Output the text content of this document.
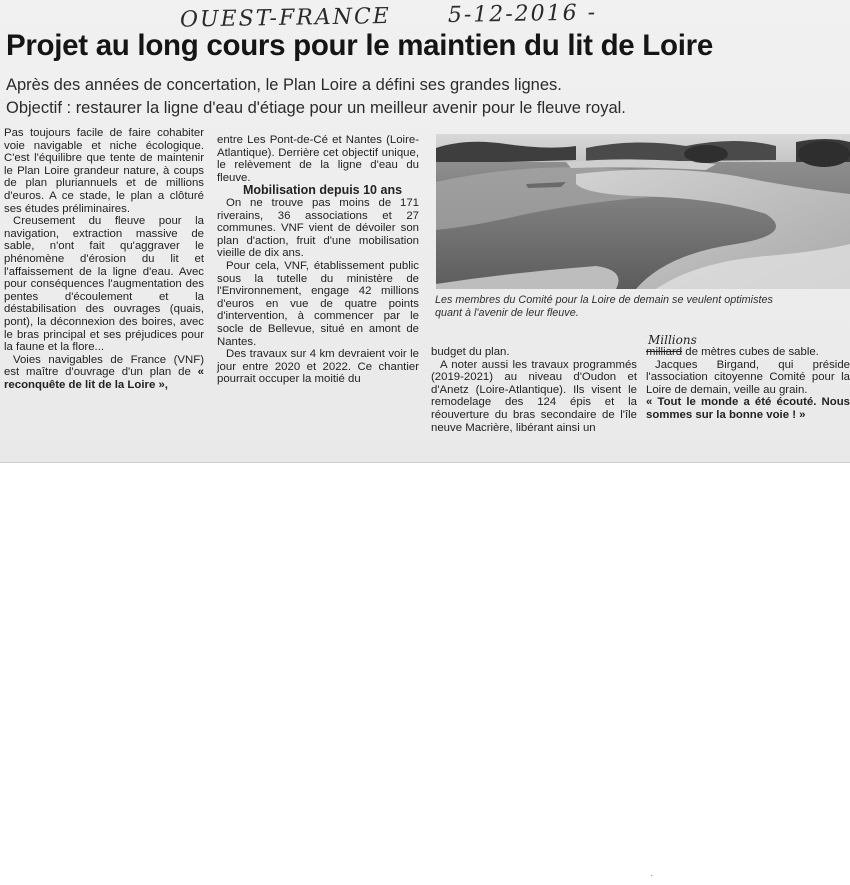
OUEST-FRANCE	5-12-2016 -
Projet au long cours pour le maintien du lit de Loire
Après des années de concertation, le Plan Loire a défini ses grandes lignes.
Objectif : restaurer la ligne d'eau d'étiage pour un meilleur avenir pour le fleuve royal.

Pas toujours facile de faire cohabiter voie navigable et niche écologique. C'est l'équilibre que tente de maintenir le Plan Loire grandeur nature, à coups de plan pluriannuels et de millions d'euros. A ce stade, le plan a clôturé ses études préliminaires.

Creusement du fleuve pour la navigation, extraction massive de sable, n'ont fait qu'aggraver le phénomène d'érosion du lit et l'affaissement de la ligne d'eau. Avec pour conséquences l'augmentation des pentes d'écoulement et la déstabilisation des ouvrages (quais, pont), la déconnexion des boires, avec le bras principal et ses préjudices pour la faune et la flore...

Voies navigables de France (VNF) est maître d'ouvrage d'un plan de « reconquête de lit de la Loire »,

entre Les Pont-de-Cé et Nantes (Loire-Atlantique). Derrière cet objectif unique, le relèvement de la ligne d'eau du fleuve.

Mobilisation depuis 10 ans

On ne trouve pas moins de 171 riverains, 36 associations et 27 communes. VNF vient de dévoiler son plan d'action, fruit d'une mobilisation vieille de dix ans.

Pour cela, VNF, établissement public sous la tutelle du ministère de l'Environnement, engage 42 millions d'euros en vue de quatre points d'intervention, à commencer par le socle de Bellevue, situé en amont de Nantes.

Des travaux sur 4 km devraient voir le jour entre 2020 et 2022. Ce chantier pourrait occuper la moitié du

Les membres du Comité pour la Loire de demain se veulent optimistes
quant à l'avenir de leur fleuve.

budget du plan.

A noter aussi les travaux programmés (2019-2021) au niveau d'Oudon et d'Anetz (Loire-Atlantique). Ils visent le remodelage des 124 épis et la réouverture du bras secondaire de l'île neuve Macrière, libérant ainsi un

Millions

milliard de mètres cubes de sable.

Jacques Birgand, qui préside l'association citoyenne Comité pour la Loire de demain, veille au grain.

« Tout le monde a été écouté. Nous sommes sur la bonne voie ! »

·
